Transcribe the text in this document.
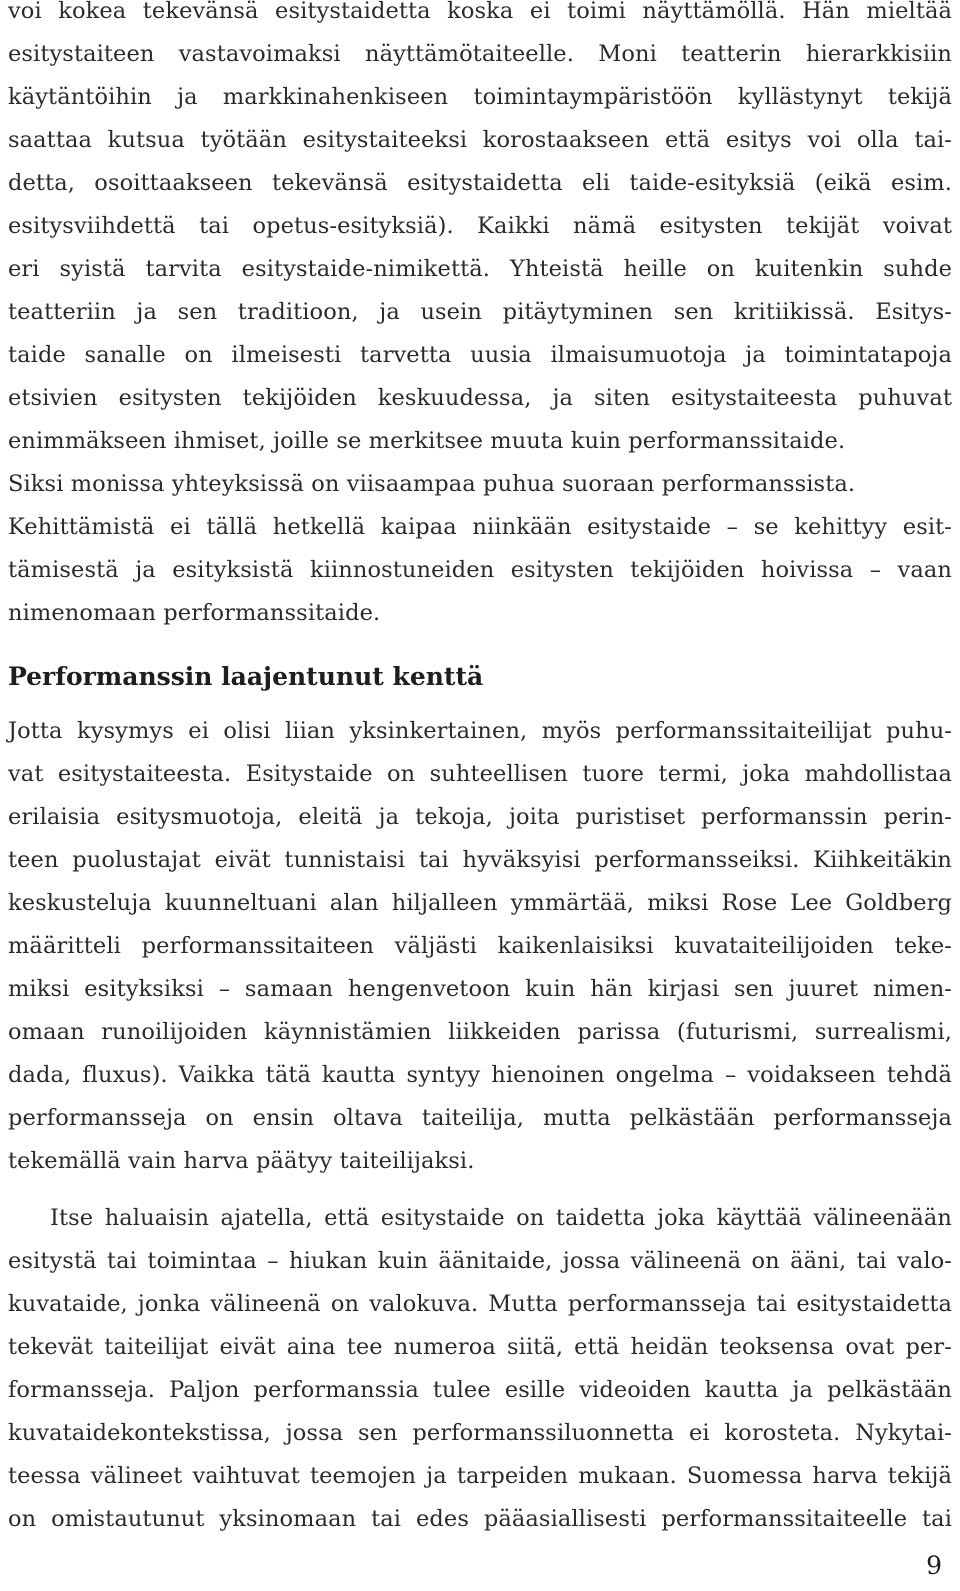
voi kokea tekevänsä esitystaidetta koska ei toimi näyttämöllä. Hän mieltää
esitystaiteen vastavoimaksi näyttämötaiteelle. Moni teatterin hierarkkisiin
käytäntöihin ja markkinahenkiseen toimintaympäristöön kyllästynyt tekijä
saattaa kutsua työtään esitystaiteeksi korostaakseen että esitys voi olla tai-
detta, osoittaakseen tekevänsä esitystaidetta eli taide-esityksiä (eikä esim.
esitysviihdettä tai opetus-esityksiä). Kaikki nämä esitysten tekijät voivat
eri syistä tarvita esitystaide-nimikettä. Yhteistä heille on kuitenkin suhde
teatteriin ja sen traditioon, ja usein pitäytyminen sen kritiikissä. Esitys-
taide sanalle on ilmeisesti tarvetta uusia ilmaisumuotoja ja toimintatapoja
etsivien esitysten tekijöiden keskuudessa, ja siten esitystaiteesta puhuvat
enimmäkseen ihmiset, joille se merkitsee muuta kuin performanssitaide.
Siksi monissa yhteyksissä on viisaampaa puhua suoraan performanssista.
Kehittämistä ei tällä hetkellä kaipaa niinkään esitystaide – se kehittyy esit-
tämisestä ja esityksistä kiinnostuneiden esitysten tekijöiden hoivissa – vaan
nimenomaan performanssitaide.
Performanssin laajentunut kenttä
Jotta kysymys ei olisi liian yksinkertainen, myös performanssitaiteilijat puhu-
vat esitystaiteesta. Esitystaide on suhteellisen tuore termi, joka mahdollistaa
erilaisia esitysmuotoja, eleitä ja tekoja, joita puristiset performanssin perin-
teen puolustajat eivät tunnistaisi tai hyväksyisi performansseiksi. Kiihkeitäkin
keskusteluja kuunneltuani alan hiljalleen ymmärtää, miksi Rose Lee Goldberg
määritteli performanssitaiteen väljästi kaikenlaisiksi kuvataiteilijoiden teke-
miksi esityksiksi – samaan hengenvetoon kuin hän kirjasi sen juuret nimen-
omaan runoilijoiden käynnistämien liikkeiden parissa (futurismi, surrealismi,
dada, fluxus). Vaikka tätä kautta syntyy hienoinen ongelma – voidakseen tehdä
performansseja on ensin oltava taiteilija, mutta pelkästään performansseja
tekemällä vain harva päätyy taiteilijaksi.
Itse haluaisin ajatella, että esitystaide on taidetta joka käyttää välineenään
esitystä tai toimintaa – hiukan kuin äänitaide, jossa välineenä on ääni, tai valo-
kuvataide, jonka välineenä on valokuva. Mutta performansseja tai esitystaidetta
tekevät taiteilijat eivät aina tee numeroa siitä, että heidän teoksensa ovat per-
formansseja. Paljon performanssia tulee esille videoiden kautta ja pelkästään
kuvataidekontekstissa, jossa sen performanssiluonnetta ei korosteta. Nykytai-
teessa välineet vaihtuvat teemojen ja tarpeiden mukaan. Suomessa harva tekijä
on omistautunut yksinomaan tai edes pääasiallisesti performanssitaiteelle tai
9
